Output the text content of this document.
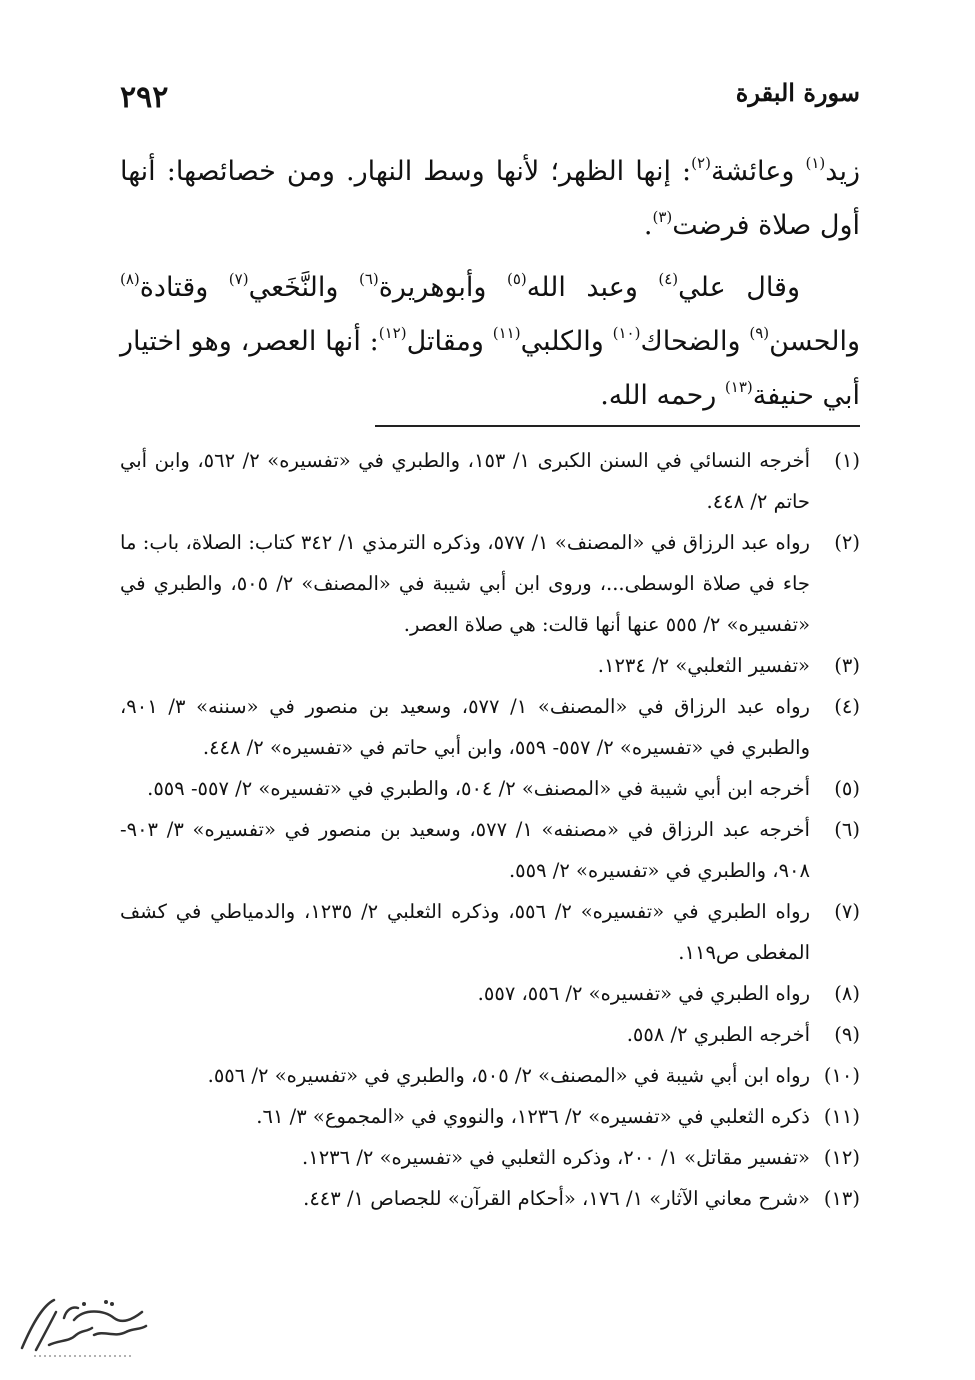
٢٩٢	سورة البقرة

زيد$^{(١)}$ وعائشة$^{(٢)}$: إنها الظهر؛ لأنها وسط النهار. ومن خصائصها: أنها أول صلاة فرضت$^{(٣)}$.

وقال علي$^{(٤)}$ وعبد الله$^{(٥)}$ وأبوهريرة$^{(٦)}$ والنَّخَعي$^{(٧)}$ وقتادة$^{(٨)}$ والحسن$^{(٩)}$ والضحاك$^{(١٠)}$ والكلبي$^{(١١)}$ ومقاتل$^{(١٢)}$: أنها العصر، وهو اختيار أبي حنيفة$^{(١٣)}$ رحمه الله.

(١)
أخرجه النسائي في السنن الكبرى ١/ ١٥٣، والطبري في «تفسيره» ٢/ ٥٦٢، وابن أبي حاتم ٢/ ٤٤٨.
(٢)
رواه عبد الرزاق في «المصنف» ١/ ٥٧٧، وذكره الترمذي ١/ ٣٤٢ كتاب: الصلاة، باب: ما جاء في صلاة الوسطى...، وروى ابن أبي شيبة في «المصنف» ٢/ ٥٠٥، والطبري في «تفسيره» ٢/ ٥٥٥ عنها أنها قالت: هي صلاة العصر.
(٣)
«تفسير الثعلبي» ٢/ ١٢٣٤.
(٤)
رواه عبد الرزاق في «المصنف» ١/ ٥٧٧، وسعيد بن منصور في «سننه» ٣/ ٩٠١، والطبري في «تفسيره» ٢/ ٥٥٧- ٥٥٩، وابن أبي حاتم في «تفسيره» ٢/ ٤٤٨.
(٥)
أخرجه ابن أبي شيبة في «المصنف» ٢/ ٥٠٤، والطبري في «تفسيره» ٢/ ٥٥٧- ٥٥٩.
(٦)
أخرجه عبد الرزاق في «مصنفه» ١/ ٥٧٧، وسعيد بن منصور في «تفسيره» ٣/ ٩٠٣- ٩٠٨، والطبري في «تفسيره» ٢/ ٥٥٩.
(٧)
رواه الطبري في «تفسيره» ٢/ ٥٥٦، وذكره الثعلبي ٢/ ١٢٣٥، والدمياطي في كشف المغطى ص١١٩.
(٨)
رواه الطبري في «تفسيره» ٢/ ٥٥٦، ٥٥٧.
(٩)
أخرجه الطبري ٢/ ٥٥٨.
(١٠)
رواه ابن أبي شيبة في «المصنف» ٢/ ٥٠٥، والطبري في «تفسيره» ٢/ ٥٥٦.
(١١)
ذكره الثعلبي في «تفسيره» ٢/ ١٢٣٦، والنووي في «المجموع» ٣/ ٦١.
(١٢)
«تفسير مقاتل» ١/ ٢٠٠، وذكره الثعلبي في «تفسيره» ٢/ ١٢٣٦.
(١٣)
«شرح معاني الآثار» ١/ ١٧٦، «أحكام القرآن» للجصاص ١/ ٤٤٣.
